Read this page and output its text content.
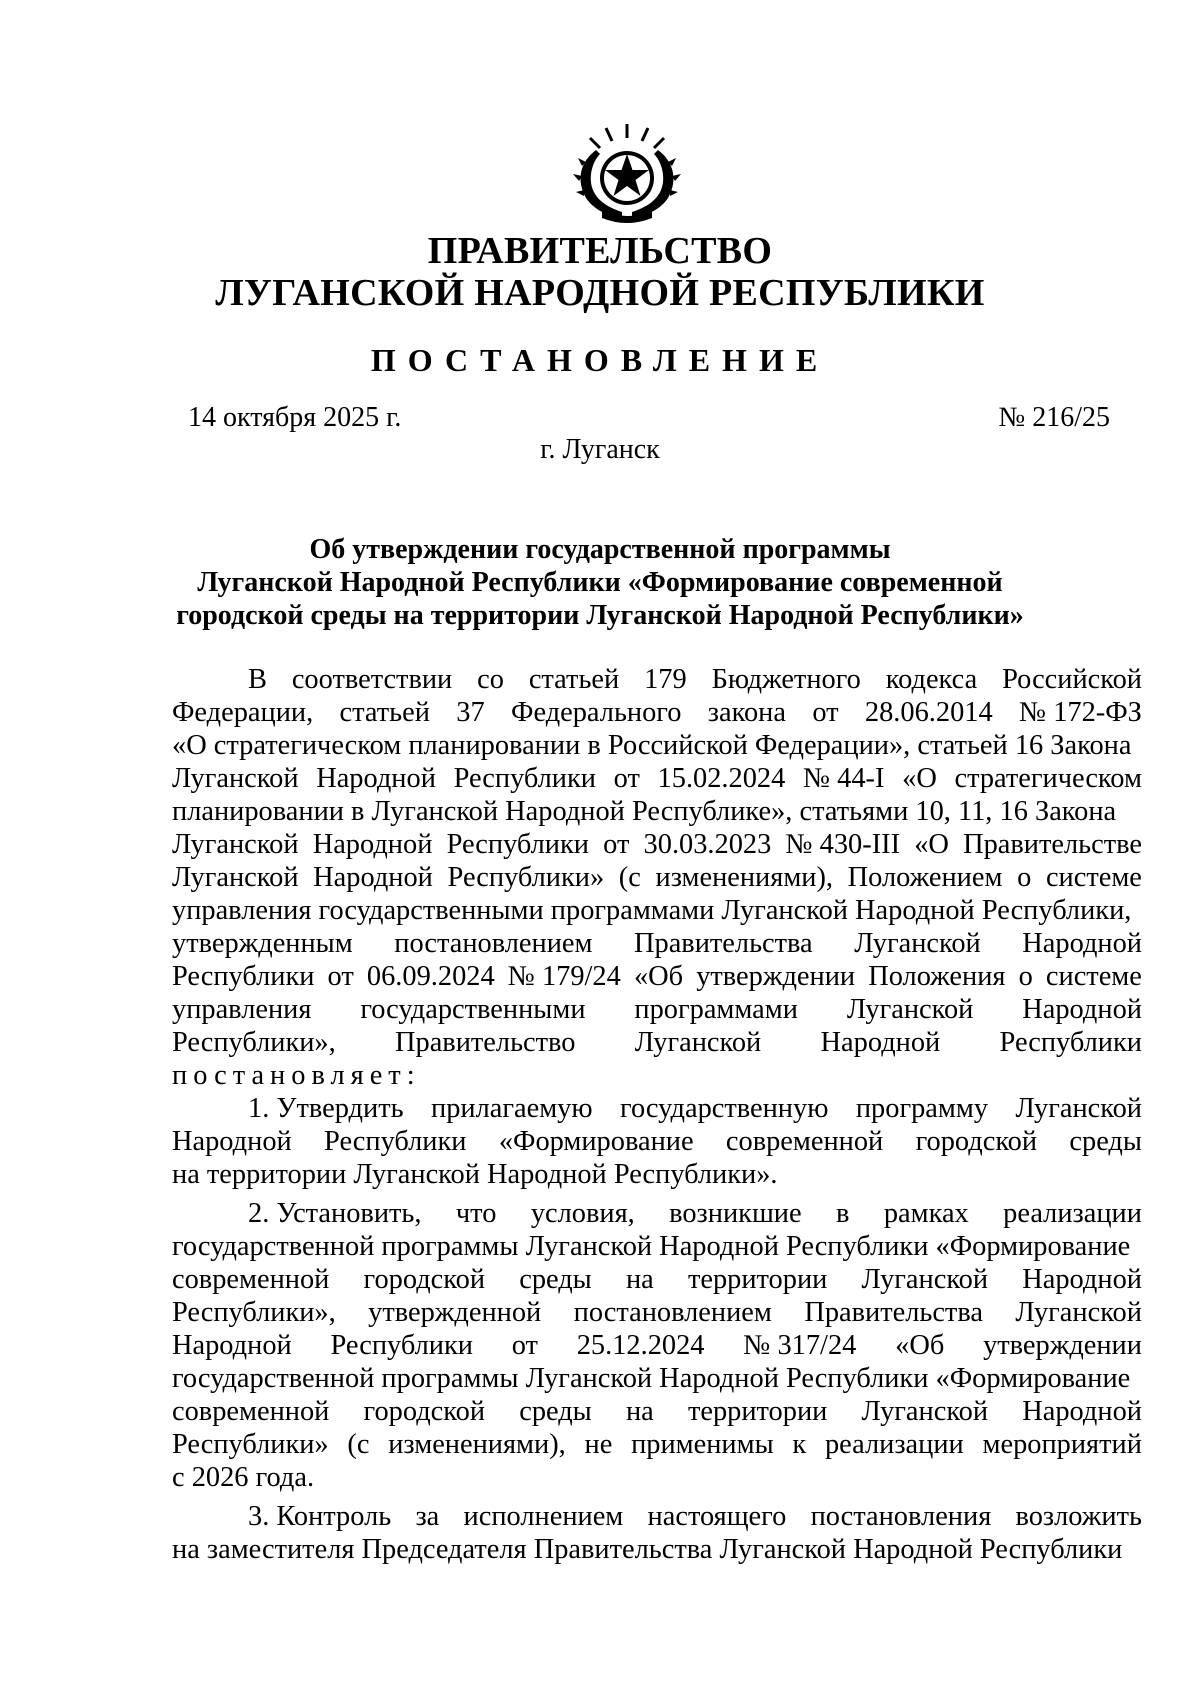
ПРАВИТЕЛЬСТВО
ЛУГАНСКОЙ НАРОДНОЙ РЕСПУБЛИКИ
ПОСТАНОВЛЕНИЕ
14 октября 2025 г.	№ 216/25
г. Луганск
Об утверждении государственной программы
Луганской Народной Республики «Формирование современной
городской среды на территории Луганской Народной Республики»
В соответствии со статьей 179 Бюджетного кодекса Российской
Федерации, статьей 37 Федерального закона от 28.06.2014 № 172-ФЗ
«О стратегическом планировании в Российской Федерации», статьей 16 Закона
Луганской Народной Республики от 15.02.2024 № 44-I «О стратегическом
планировании в Луганской Народной Республике», статьями 10, 11, 16 Закона
Луганской Народной Республики от 30.03.2023 № 430-III «О Правительстве
Луганской Народной Республики» (с изменениями), Положением о системе
управления государственными программами Луганской Народной Республики,
утвержденным постановлением Правительства Луганской Народной
Республики от 06.09.2024 № 179/24 «Об утверждении Положения о системе
управления государственными программами Луганской Народной
Республики», Правительство Луганской Народной Республики
постановляет:
1. Утвердить прилагаемую государственную программу Луганской
Народной Республики «Формирование современной городской среды
на территории Луганской Народной Республики».
2. Установить, что условия, возникшие в рамках реализации
государственной программы Луганской Народной Республики «Формирование
современной городской среды на территории Луганской Народной
Республики», утвержденной постановлением Правительства Луганской
Народной Республики от 25.12.2024 № 317/24 «Об утверждении
государственной программы Луганской Народной Республики «Формирование
современной городской среды на территории Луганской Народной
Республики» (с изменениями), не применимы к реализации мероприятий
с 2026 года.
3. Контроль за исполнением настоящего постановления возложить
на заместителя Председателя Правительства Луганской Народной Республики
